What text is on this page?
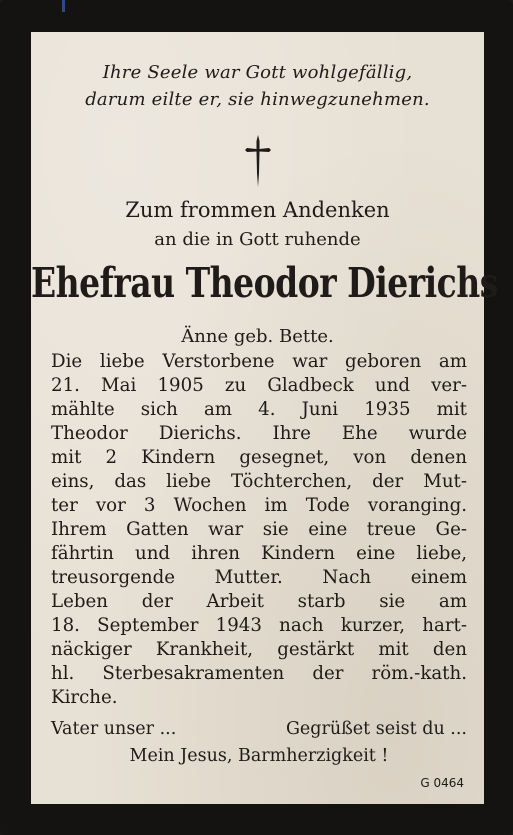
Ihre Seele war Gott wohlgefällig,
darum eilte er, sie hinwegzunehmen.
Zum frommen Andenken
an die in Gott ruhende
Ehefrau Theodor Dierichs
Änne geb. Bette.
Die liebe Verstorbene war geboren am
21. Mai 1905 zu Gladbeck und ver-
mählte sich am 4. Juni 1935 mit
Theodor Dierichs. Ihre Ehe wurde
mit 2 Kindern gesegnet, von denen
eins, das liebe Töchterchen, der Mut-
ter vor 3 Wochen im Tode voranging.
Ihrem Gatten war sie eine treue Ge-
fährtin und ihren Kindern eine liebe,
treusorgende Mutter. Nach einem
Leben der Arbeit starb sie am
18. September 1943 nach kurzer, hart-
näckiger Krankheit, gestärkt mit den
hl. Sterbesakramenten der röm.-kath.
Kirche.
Vater unser ...	Gegrüßet seist du ...
Mein Jesus, Barmherzigkeit !
G 0464
